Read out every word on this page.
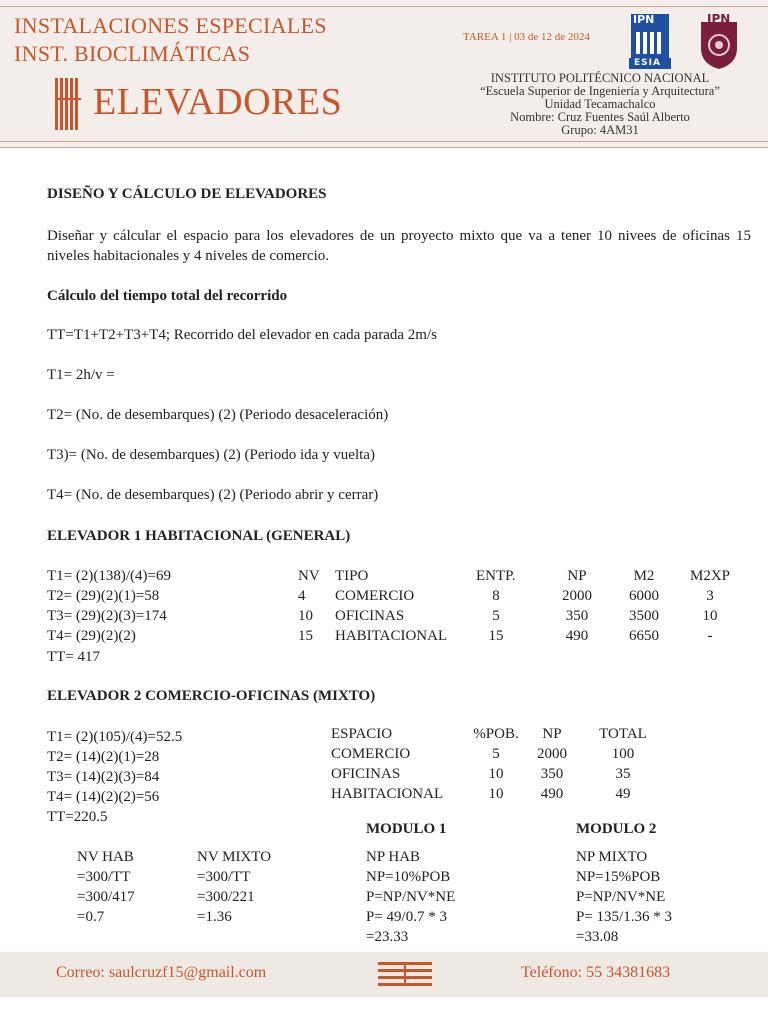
INSTALACIONES ESPECIALES
INST. BIOCLIMÁTICAS
ELEVADORES
TAREA 1 | 03 de 12 de 2024
IPN
ESIA
IPN
INSTITUTO POLITÉCNICO NACIONAL
“Escuela Superior de Ingeniería y Arquitectura”
Unidad Tecamachalco
Nombre: Cruz Fuentes Saúl Alberto
Grupo: 4AM31
DISEÑO Y CÁLCULO DE ELEVADORES
Diseñar y cálcular el espacio para los elevadores de un proyecto mixto que va a tener 10 nivees de oficinas 15 niveles habitacionales y 4 niveles de comercio.
Cálculo del tiempo total del recorrido
TT=T1+T2+T3+T4; Recorrido del elevador en cada parada 2m/s
T1= 2h/v =
T2= (No. de desembarques) (2) (Periodo desaceleración)
T3)= (No. de desembarques) (2) (Periodo ida y vuelta)
T4= (No. de desembarques) (2) (Periodo abrir y cerrar)
ELEVADOR 1 HABITACIONAL (GENERAL)
T1= (2)(138)/(4)=69
T2= (29)(2)(1)=58
T3= (29)(2)(3)=174
T4= (29)(2)(2)
TT= 417
NV	TIPO	ENTP.	NP	M2	M2XP
4	COMERCIO	8	2000	6000	3
10	OFICINAS	5	350	3500	10
15	HABITACIONAL	15	490	6650	-
ELEVADOR 2 COMERCIO-OFICINAS (MIXTO)
T1= (2)(105)/(4)=52.5
T2= (14)(2)(1)=28
T3= (14)(2)(3)=84
T4= (14)(2)(2)=56
TT=220.5
ESPACIO	%POB.	NP	TOTAL
COMERCIO	5	2000	100
OFICINAS	10	350	35
HABITACIONAL	10	490	49
MODULO 1	MODULO 2
NV HAB
=300/TT
=300/417
=0.7
NV MIXTO
=300/TT
=300/221
=1.36
NP HAB
NP=10%POB
P=NP/NV*NE
P= 49/0.7 * 3
=23.33
NP MIXTO
NP=15%POB
P=NP/NV*NE
P= 135/1.36 * 3
=33.08
Correo: saulcruzf15@gmail.com	Teléfono: 55 34381683
